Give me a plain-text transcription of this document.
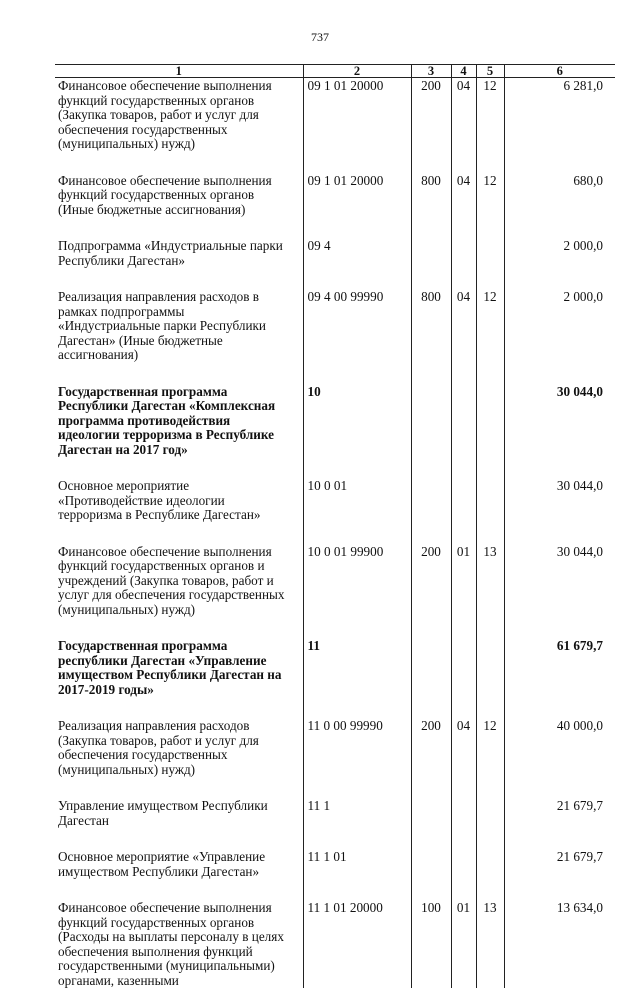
737
1	2	3	4	5	6
Финансовое обеспечение выполнения функций государственных органов (Закупка товаров, работ и услуг для обеспечения государственных (муниципальных) нужд)	09 1 01 20000	200	04	12	6 281,0

Финансовое обеспечение выполнения функций государственных органов (Иные бюджетные ассигнования)	09 1 01 20000	800	04	12	680,0

Подпрограмма «Индустриальные парки Республики Дагестан»	09 4				2 000,0

Реализация направления расходов в рамках подпрограммы «Индустриальные парки Республики Дагестан» (Иные бюджетные ассигнования)	09 4 00 99990	800	04	12	2 000,0

Государственная программа Республики Дагестан «Комплексная программа противодействия идеологии терроризма в Республике Дагестан на 2017 год»	10				30 044,0

Основное мероприятие «Противодействие идеологии терроризма в Республике Дагестан»	10 0 01				30 044,0

Финансовое обеспечение выполнения функций государственных органов и учреждений (Закупка товаров, работ и услуг для обеспечения государственных (муниципальных) нужд)	10 0 01 99900	200	01	13	30 044,0

Государственная программа республики Дагестан «Управление имуществом Республики Дагестан на 2017-2019 годы»	11				61 679,7

Реализация направления расходов (Закупка товаров, работ и услуг для обеспечения государственных (муниципальных) нужд)	11 0 00 99990	200	04	12	40 000,0

Управление имуществом Республики Дагестан	11 1				21 679,7

Основное мероприятие «Управление имуществом Республики Дагестан»	11 1 01				21 679,7

Финансовое обеспечение выполнения функций государственных органов (Расходы на выплаты персоналу в целях обеспечения выполнения функций государственными (муниципальными) органами, казенными	11 1 01 20000	100	01	13	13 634,0
